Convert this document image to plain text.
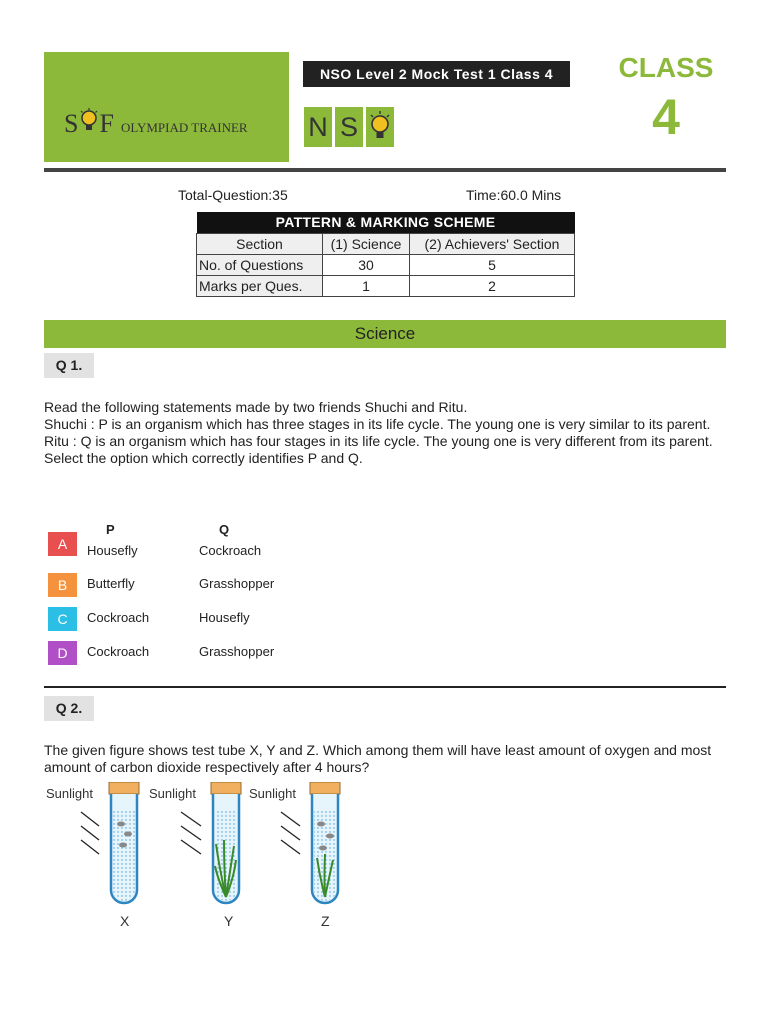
S F OLYMPIAD TRAINER
NSO Level 2 Mock Test 1 Class 4
N S
CLASS
4
Total-Question:35	Time:60.0 Mins
PATTERN & MARKING SCHEME		
Section	(1) Science	(2) Achievers' Section
No. of Questions	30	5
Marks per Ques.	1	2
Science
Q 1.
Read the following statements made by two friends Shuchi and Ritu.
Shuchi : P is an organism which has three stages in its life cycle. The young one is very similar to its parent.
Ritu : Q is an organism which has four stages in its life cycle. The young one is very different from its parent.
Select the option which correctly identifies P and Q.
P	Q
A	Housefly	Cockroach
B	Butterfly	Grasshopper
C	Cockroach	Housefly
D	Cockroach	Grasshopper
Q 2.
The given figure shows test tube X, Y and Z. Which among them will have least amount of oxygen and most amount of carbon dioxide respectively after 4 hours?
Sunlight
X
Sunlight
Y
Sunlight
Z
